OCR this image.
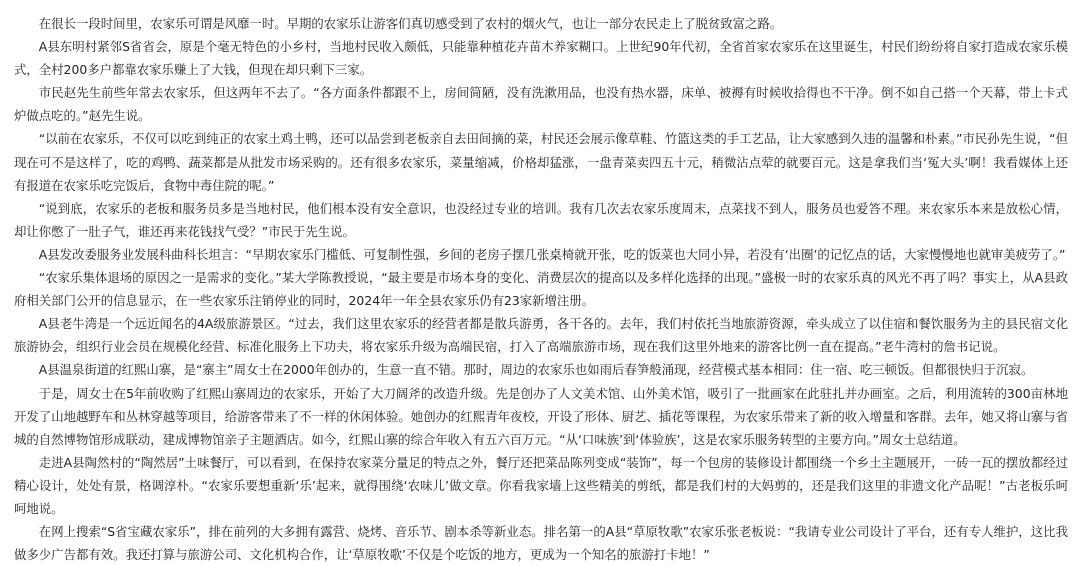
在很长一段时间里，农家乐可谓是风靡一时。早期的农家乐让游客们真切感受到了农村的烟火气，也让一部分农民走上了脱贫致富之路。

A县东明村紧邻S省省会，原是个毫无特色的小乡村，当地村民收入颇低，只能靠种植花卉苗木养家糊口。上世纪90年代初，全省首家农家乐在这里诞生，村民们纷纷将自家打造成农家乐模式，全村200多户都靠农家乐赚上了大钱，但现在却只剩下三家。

市民赵先生前些年常去农家乐，但这两年不去了。“各方面条件都跟不上，房间简陋，没有洗漱用品，也没有热水器，床单、被褥有时候收拾得也不干净。倒不如自己搭一个天幕，带上卡式炉做点吃的。”赵先生说。

“以前在农家乐，不仅可以吃到纯正的农家土鸡土鸭，还可以品尝到老板亲自去田间摘的菜，村民还会展示像草鞋、竹篮这类的手工艺品，让大家感到久违的温馨和朴素。”市民孙先生说，“但现在可不是这样了，吃的鸡鸭、蔬菜都是从批发市场采购的。还有很多农家乐，菜量缩减，价格却猛涨，一盘青菜卖四五十元，稍微沾点荤的就要百元。这是拿我们当‘冤大头’啊！我看媒体上还有报道在农家乐吃完饭后，食物中毒住院的呢。”

“说到底，农家乐的老板和服务员多是当地村民，他们根本没有安全意识，也没经过专业的培训。我有几次去农家乐度周末，点菜找不到人，服务员也爱答不理。来农家乐本来是放松心情，却让你憋了一肚子气，谁还再来花钱找气受？”市民于先生说。

A县发改委服务业发展科曲科长坦言：“早期农家乐门槛低、可复制性强，乡间的老房子摆几张桌椅就开张，吃的饭菜也大同小异，若没有‘出圈’的记忆点的话，大家慢慢地也就审美疲劳了。”

“农家乐集体退场的原因之一是需求的变化。”某大学陈教授说，“最主要是市场本身的变化、消费层次的提高以及多样化选择的出现。”盛极一时的农家乐真的风光不再了吗？事实上，从A县政府相关部门公开的信息显示，在一些农家乐注销停业的同时，2024年一年全县农家乐仍有23家新增注册。

A县老牛湾是一个远近闻名的4A级旅游景区。“过去，我们这里农家乐的经营者都是散兵游勇，各干各的。去年，我们村依托当地旅游资源，牵头成立了以住宿和餐饮服务为主的县民宿文化旅游协会，组织行业会员在规模化经营、标准化服务上下功夫，将农家乐升级为高端民宿，打入了高端旅游市场，现在我们这里外地来的游客比例一直在提高。”老牛湾村的詹书记说。

A县温泉街道的红熙山寨，是“寨主”周女士在2000年创办的，生意一直不错。那时，周边的农家乐也如雨后春笋般涌现，经营模式基本相同：住一宿、吃三顿饭。但都很快归于沉寂。

于是，周女士在5年前收购了红熙山寨周边的农家乐，开始了大刀阔斧的改造升级。先是创办了人文美术馆、山外美术馆，吸引了一批画家在此驻扎并办画室。之后，利用流转的300亩林地开发了山地越野车和丛林穿越等项目，给游客带来了不一样的休闲体验。她创办的红熙青年夜校，开设了形体、厨艺、插花等课程，为农家乐带来了新的收入增量和客群。去年，她又将山寨与省城的自然博物馆形成联动，建成博物馆亲子主题酒店。如今，红熙山寨的综合年收入有五六百万元。“从‘口味族’到‘体验族’，这是农家乐服务转型的主要方向。”周女士总结道。

走进A县陶然村的“陶然居”土味餐厅，可以看到，在保持农家菜分量足的特点之外，餐厅还把菜品陈列变成“装饰”，每一个包房的装修设计都围绕一个乡土主题展开，一砖一瓦的摆放都经过精心设计，处处有景，格调淳朴。“农家乐要想重新‘乐’起来，就得围绕‘农味儿’做文章。你看我家墙上这些精美的剪纸，都是我们村的大妈剪的，还是我们这里的非遗文化产品呢！”古老板乐呵呵地说。

在网上搜索“S省宝藏农家乐”，排在前列的大多拥有露营、烧烤、音乐节、剧本杀等新业态。排名第一的A县“草原牧歌”农家乐张老板说：“我请专业公司设计了平台，还有专人维护，这比我做多少广告都有效。我还打算与旅游公司、文化机构合作，让‘草原牧歌’不仅是个吃饭的地方，更成为一个知名的旅游打卡地！”
